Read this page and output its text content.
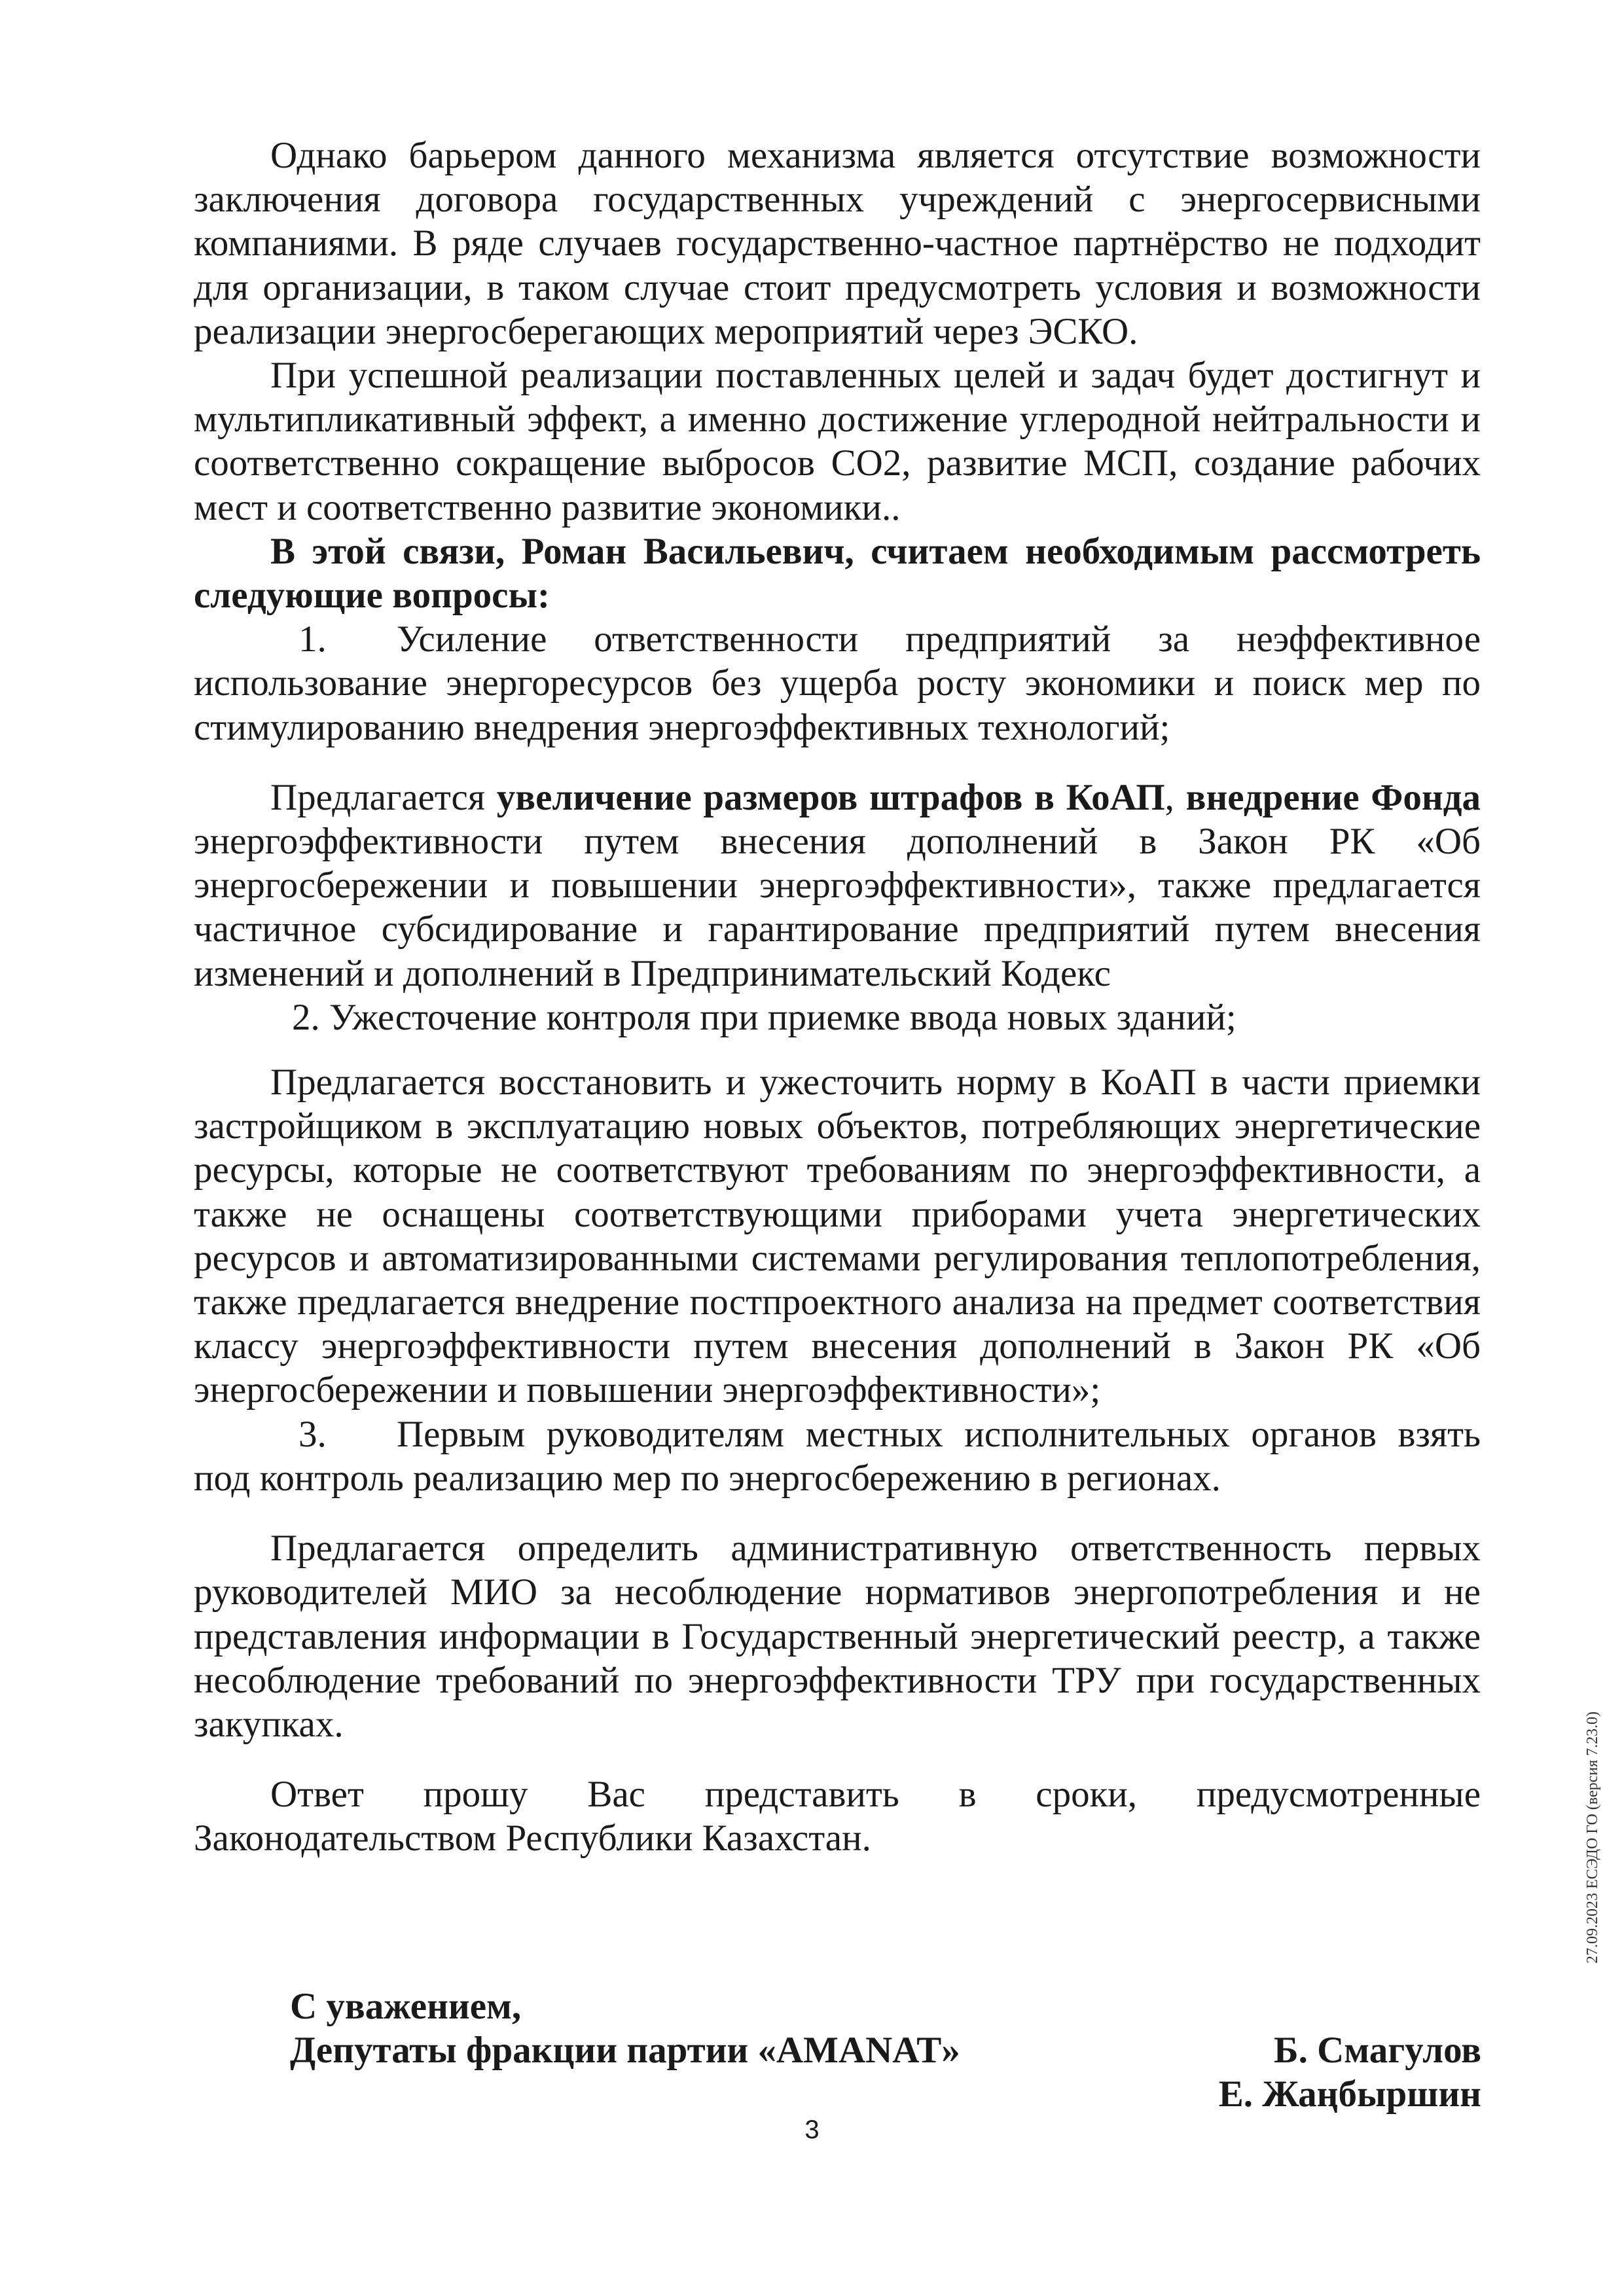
Однако барьером данного механизма является отсутствие возможности заключения договора государственных учреждений с энергосервисными компаниями. В ряде случаев государственно-частное партнёрство не подходит для организации, в таком случае стоит предусмотреть условия и возможности реализации энергосберегающих мероприятий через ЭСКО.

При успешной реализации поставленных целей и задач будет достигнут и мультипликативный эффект, а именно достижение углеродной нейтральности и соответственно сокращение выбросов СО2, развитие МСП, создание рабочих мест и соответственно развитие экономики..

В этой связи, Роман Васильевич, считаем необходимым рассмотреть следующие вопросы:

1. Усиление ответственности предприятий за неэффективное использование энергоресурсов без ущерба росту экономики и поиск мер по стимулированию внедрения энергоэффективных технологий;

Предлагается увеличение размеров штрафов в КоАП, внедрение Фонда энергоэффективности путем внесения дополнений в Закон РК «Об энергосбережении и повышении энергоэффективности», также предлагается частичное субсидирование и гарантирование предприятий путем внесения изменений и дополнений в Предпринимательский Кодекс

2. Ужесточение контроля при приемке ввода новых зданий;

Предлагается восстановить и ужесточить норму в КоАП в части приемки застройщиком в эксплуатацию новых объектов, потребляющих энергетические ресурсы, которые не соответствуют требованиям по энергоэффективности, а также не оснащены соответствующими приборами учета энергетических ресурсов и автоматизированными системами регулирования теплопотребления, также предлагается внедрение постпроектного анализа на предмет соответствия классу энергоэффективности путем внесения дополнений в Закон РК «Об энергосбережении и повышении энергоэффективности»;

3. Первым руководителям местных исполнительных органов взять под контроль реализацию мер по энергосбережению в регионах.

Предлагается определить административную ответственность первых руководителей МИО за несоблюдение нормативов энергопотребления и не представления информации в Государственный энергетический реестр, а также несоблюдение требований по энергоэффективности ТРУ при государственных закупках.

Ответ прошу Вас представить в сроки, предусмотренные Законодательством Республики Казахстан.

С уважением,
Депутаты фракции партии «AMANAT»	Б. Смагулов
Е. Жаңбыршин
3
27.09.2023 ЕСЭДО ГО (версия 7.23.0)
